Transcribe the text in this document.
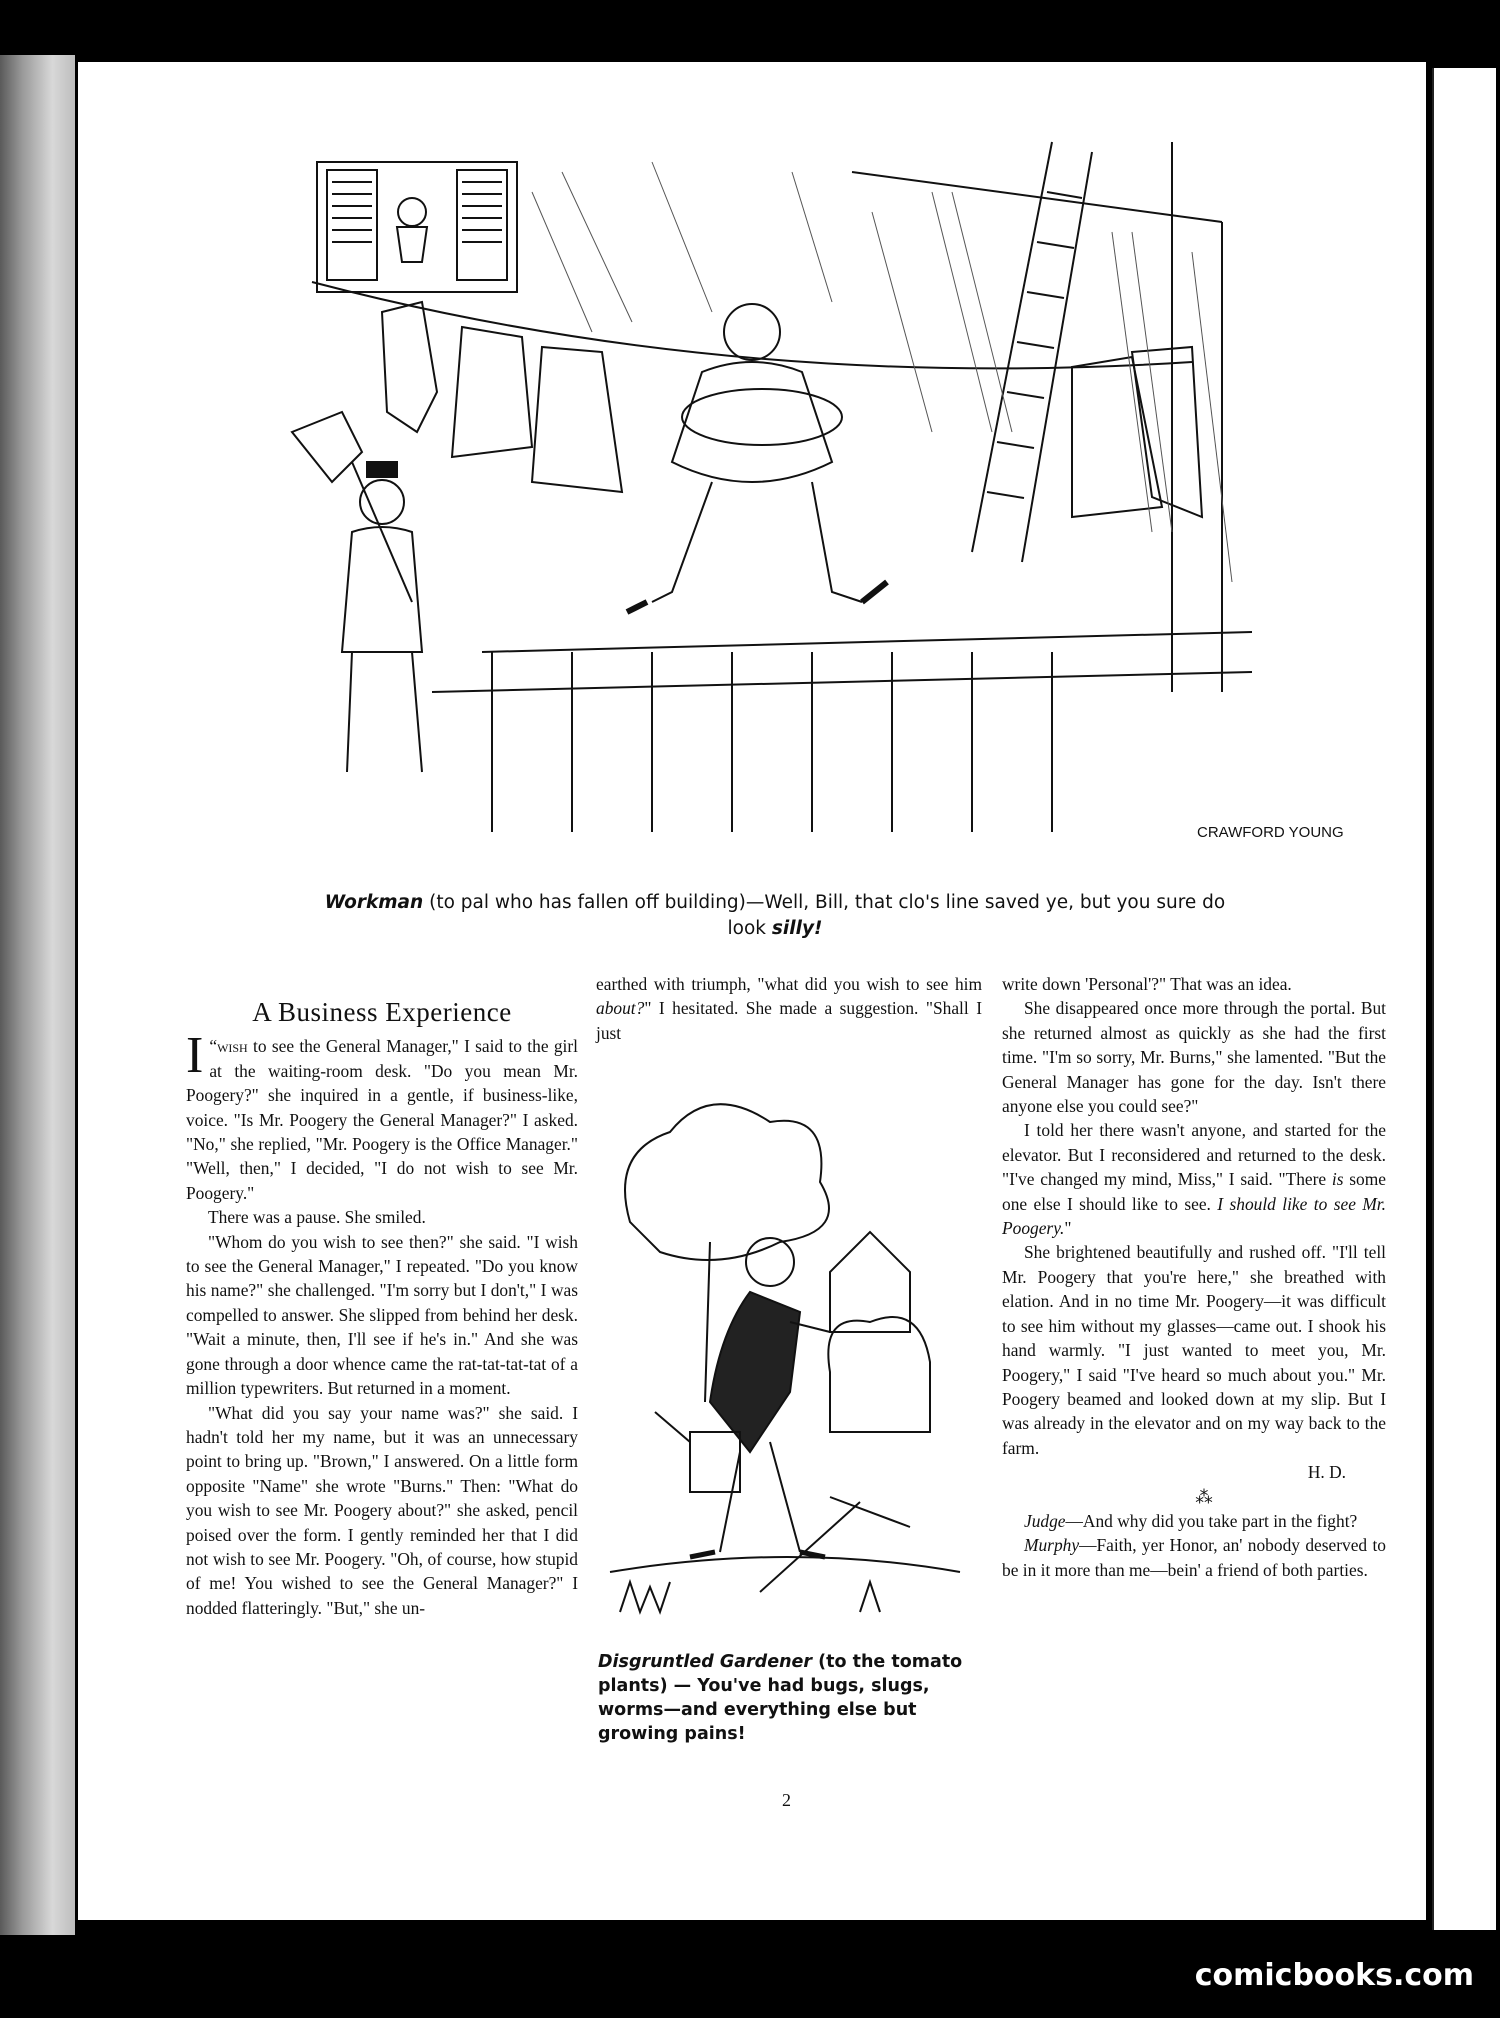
CRAWFORD YOUNG
Workman (to pal who has fallen off building)—Well, Bill, that clo's line saved ye, but you sure do look silly!

A Business Experience

“
I wish to see the General Manager," I said to the girl at the waiting-room desk. "Do you mean Mr. Poogery?" she inquired in a gentle, if business-like, voice. "Is Mr. Poogery the General Manager?" I asked. "No," she replied, "Mr. Poogery is the Office Manager." "Well, then," I decided, "I do not wish to see Mr. Poogery."

There was a pause. She smiled.

"Whom do you wish to see then?" she said. "I wish to see the General Manager," I repeated. "Do you know his name?" she challenged. "I'm sorry but I don't," I was compelled to answer. She slipped from behind her desk. "Wait a minute, then, I'll see if he's in." And she was gone through a door whence came the rat-tat-tat-tat of a million typewriters. But returned in a moment.

"What did you say your name was?" she said. I hadn't told her my name, but it was an unnecessary point to bring up. "Brown," I answered. On a little form opposite "Name" she wrote "Burns." Then: "What do you wish to see Mr. Poogery about?" she asked, pencil poised over the form. I gently reminded her that I did not wish to see Mr. Poogery. "Oh, of course, how stupid of me! You wished to see the General Manager?" I nodded flatteringly. "But," she un-

earthed with triumph, "what did you wish to see him about?" I hesitated. She made a suggestion. "Shall I just

Disgruntled Gardener (to the tomato plants) — You've had bugs, slugs, worms—and everything else but growing pains!

write down 'Personal'?" That was an idea.

She disappeared once more through the portal. But she returned almost as quickly as she had the first time. "I'm so sorry, Mr. Burns," she lamented. "But the General Manager has gone for the day. Isn't there anyone else you could see?"

I told her there wasn't anyone, and started for the elevator. But I reconsidered and returned to the desk. "I've changed my mind, Miss," I said. "There is some one else I should like to see. I should like to see Mr. Poogery."

She brightened beautifully and rushed off. "I'll tell Mr. Poogery that you're here," she breathed with elation. And in no time Mr. Poogery—it was difficult to see him without my glasses—came out. I shook his hand warmly. "I just wanted to meet you, Mr. Poogery," I said "I've heard so much about you." Mr. Poogery beamed and looked down at my slip. But I was already in the elevator and on my way back to the farm.

H. D.

⁂

Judge—And why did you take part in the fight?

Murphy—Faith, yer Honor, an' nobody deserved to be in it more than me—bein' a friend of both parties.

2
comicbooks.com
